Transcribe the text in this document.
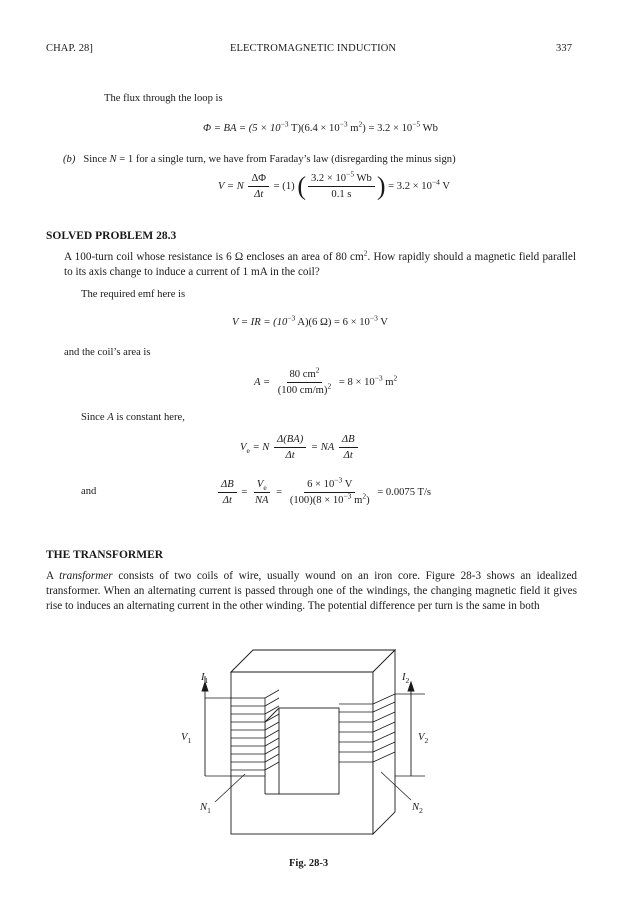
CHAP. 28]	ELECTROMAGNETIC INDUCTION	337
The flux through the loop is
Φ = BA = ($5 \times 10^{-3}$ $T)(6.4 \times 10^{-3}$ $m^2) = 3.2 \times 10^{-5}$ Wb
(b) Since N = 1 for a single turn, we have from Faraday’s law (disregarding the minus sign)
V = N $\frac{\Delta\Phi}{\Delta t} = (1)$ ( $\frac{3.2 \times 10^{-5} Wb}{0.1 s}$ ) = $3.2 \times 10^{-4}$ V
SOLVED PROBLEM 28.3
A 100-turn coil whose resistance is 6 Ω encloses an area of 80 $cm^2$. How rapidly should a magnetic field parallel to its axis change to induce a current of 1 mA in the coil?
The required emf here is
V = IR = ($10^{-3}$ A)(6 $\Omega) = 6 \times 10^{-3}$ V
and the coil’s area is
$A = \frac{80 cm^2}{(100 cm/m)^2} = 8 \times 10^{-3}$ $m^2$
Since A is constant here,
$V_e = N \frac{\Delta(BA)}{\Delta t}$ = NA $\frac{\Delta B}{\Delta t}$
and	$\frac{\Delta B}{\Delta t} = \frac{V_e}{NA} = \frac{6 \times 10^{-3} V}{(100)(8 \times 10^{-3} m^2)} = 0.0075$ T/s
THE TRANSFORMER
A transformer consists of two coils of wire, usually wound on an iron core. Figure 28-3 shows an idealized transformer. When an alternating current is passed through one of the windings, the changing magnetic field it gives rise to induces an alternating current in the other winding. The potential difference per turn is the same in both
$I_1$	$I_2$
$V_1$	$V_2$
$N_1$	$N_2$
Fig. 28-3
